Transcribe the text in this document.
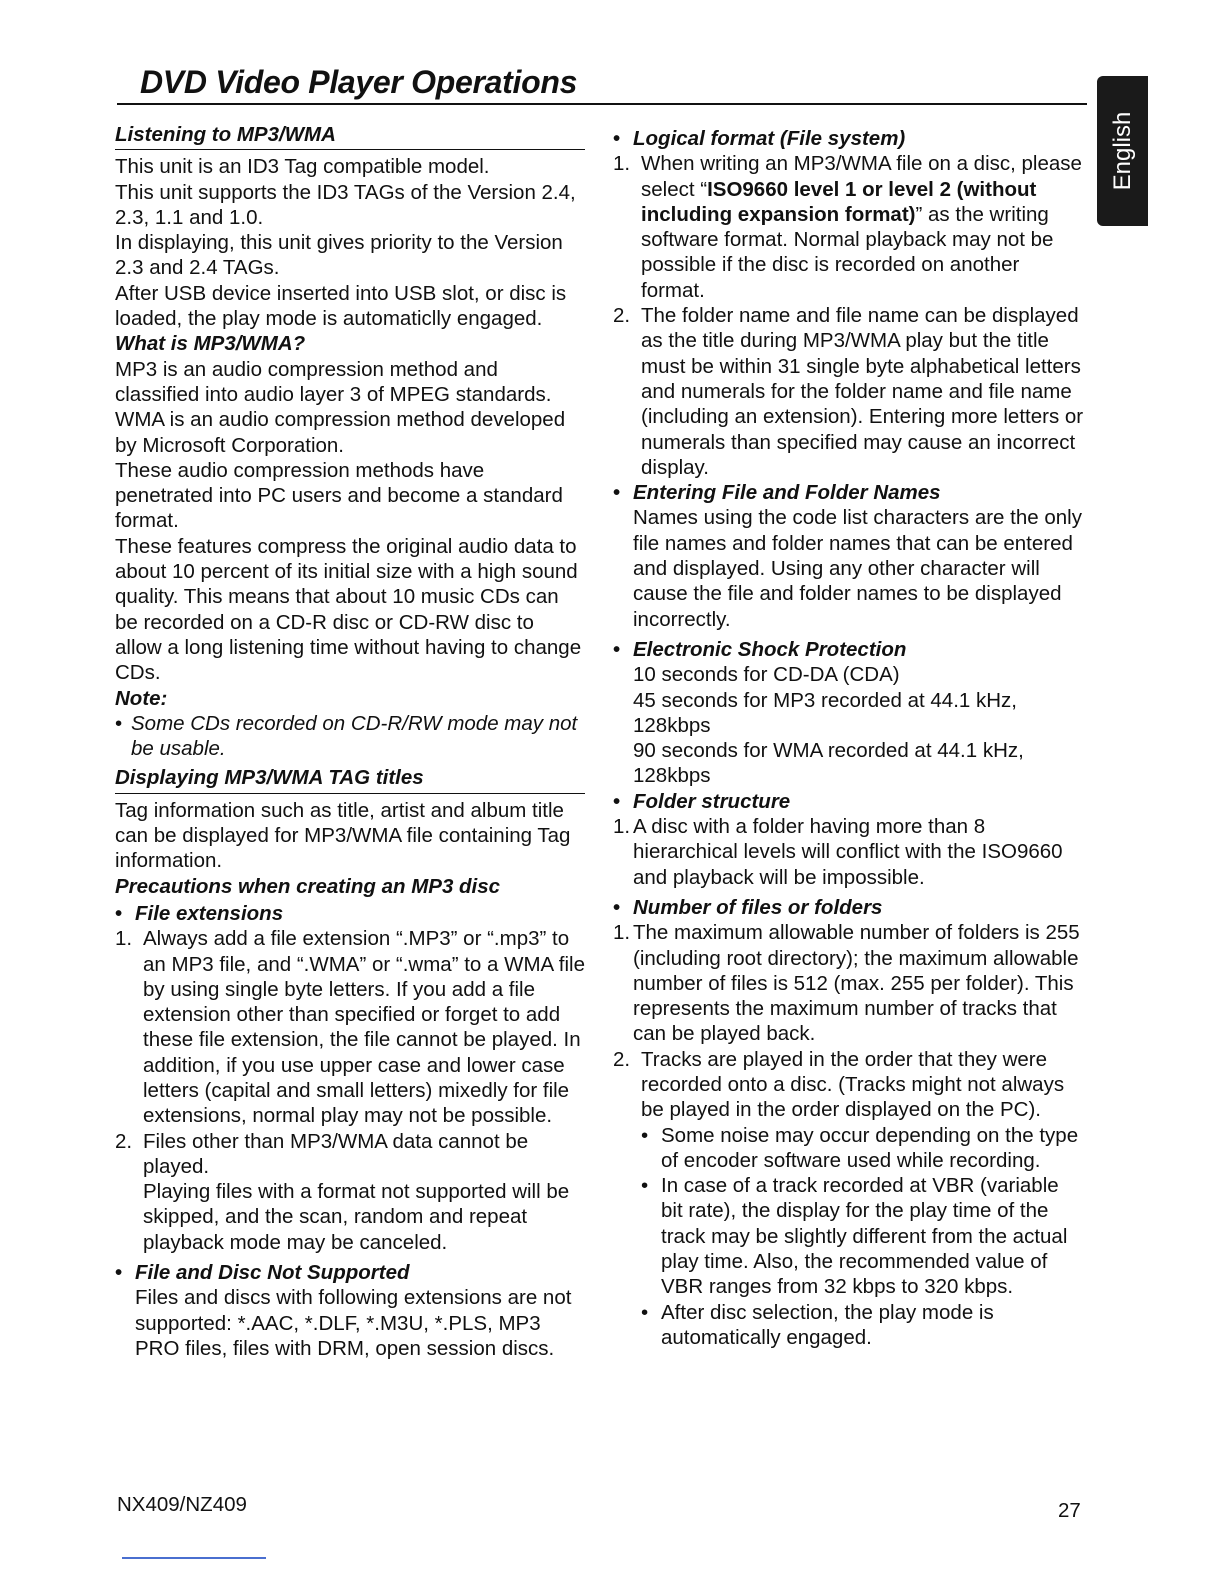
DVD Video Player Operations
English

Listening to MP3/WMA

This unit is an ID3 Tag compatible model.

This unit supports the ID3 TAGs of the Version 2.4, 2.3, 1.1 and 1.0.

In displaying, this unit gives priority to the Version 2.3 and 2.4 TAGs.

After USB device inserted into USB slot, or disc is loaded, the play mode is automaticlly engaged.

What is MP3/WMA?

MP3 is an audio compression method and classified into audio layer 3 of MPEG standards.

WMA is an audio compression method developed by Microsoft Corporation.

These audio compression methods have penetrated into PC users and become a standard format.

These features compress the original audio data to about 10 percent of its initial size with a high sound quality. This means that about 10 music CDs can be recorded on a CD-R disc or CD-RW disc to allow a long listening time without having to change CDs.

Note:

• Some CDs recorded on CD-R/RW mode may not be usable.

Displaying MP3/WMA TAG titles

Tag information such as title, artist and album title can be displayed for MP3/WMA file containing Tag information.

Precautions when creating an MP3 disc

• File extensions

1. Always add a file extension “.MP3” or “.mp3” to an MP3 file, and “.WMA” or “.wma” to a WMA file by using single byte letters. If you add a file extension other than specified or forget to add these file extension, the file cannot be played. In addition, if you use upper case and lower case letters (capital and small letters) mixedly for file extensions, normal play may not be possible.

2. Files other than MP3/WMA data cannot be played.

Playing files with a format not supported will be skipped, and the scan, random and repeat playback mode may be canceled.

• File and Disc Not Supported

Files and discs with following extensions are not supported: *.AAC, *.DLF, *.M3U, *.PLS, MP3 PRO files, files with DRM, open session discs.

• Logical format (File system)

1. When writing an MP3/WMA file on a disc, please select “ISO9660 level 1 or level 2 (without including expansion format)” as the writing software format. Normal playback may not be possible if the disc is recorded on another format.

2. The folder name and file name can be displayed as the title during MP3/WMA play but the title must be within 31 single byte alphabetical letters and numerals for the folder name and file name (including an extension). Entering more letters or numerals than specified may cause an incorrect display.

• Entering File and Folder Names

Names using the code list characters are the only file names and folder names that can be entered and displayed. Using any other character will cause the file and folder names to be displayed incorrectly.

• Electronic Shock Protection

10 seconds for CD-DA (CDA)

45 seconds for MP3 recorded at 44.1 kHz, 128kbps

90 seconds for WMA recorded at 44.1 kHz, 128kbps

• Folder structure

1. A disc with a folder having more than 8 hierarchical levels will conflict with the ISO9660 and playback will be impossible.

• Number of files or folders

1. The maximum allowable number of folders is 255 (including root directory); the maximum allowable number of files is 512 (max. 255 per folder). This represents the maximum number of tracks that can be played back.

2. Tracks are played in the order that they were recorded onto a disc. (Tracks might not always be played in the order displayed on the PC).

• Some noise may occur depending on the type of encoder software used while recording.

• In case of a track recorded at VBR (variable bit rate), the display for the play time of the track may be slightly different from the actual play time. Also, the recommended value of VBR ranges from 32 kbps to 320 kbps.

• After disc selection, the play mode is automatically engaged.

NX409/NZ409	27
